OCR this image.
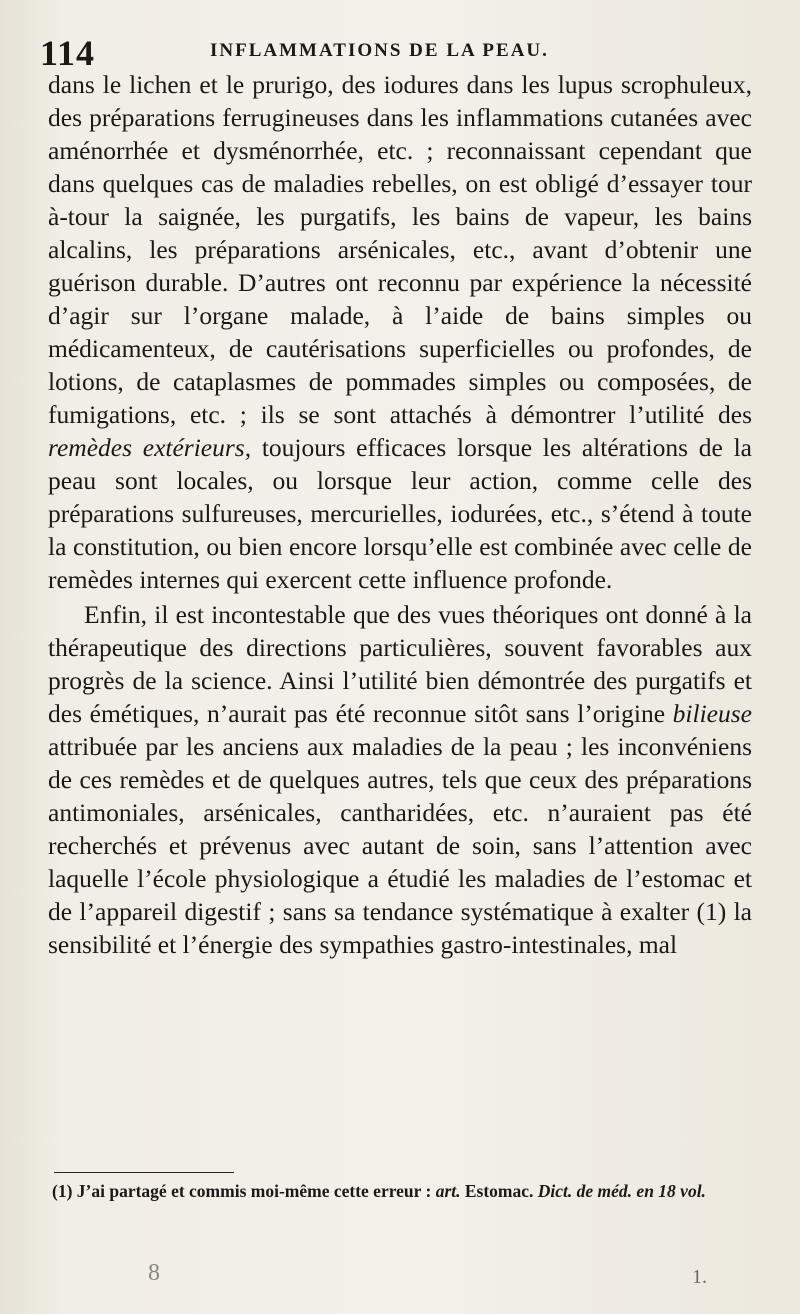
114	INFLAMMATIONS DE LA PEAU.

dans le lichen et le prurigo, des iodures dans les lupus scrophuleux, des préparations ferrugineuses dans les inflammations cutanées avec aménorrhée et dysménorrhée, etc. ; reconnaissant cependant que dans quelques cas de maladies rebelles, on est obligé d’essayer tour à-tour la saignée, les purgatifs, les bains de vapeur, les bains alcalins, les préparations arsénicales, etc., avant d’obtenir une guérison durable. D’autres ont reconnu par expérience la nécessité d’agir sur l’organe malade, à l’aide de bains simples ou médicamenteux, de cautérisations superficielles ou profondes, de lotions, de cataplasmes de pommades simples ou composées, de fumigations, etc. ; ils se sont attachés à démontrer l’utilité des remèdes extérieurs, toujours efficaces lorsque les altérations de la peau sont locales, ou lorsque leur action, comme celle des préparations sulfureuses, mercurielles, iodurées, etc., s’étend à toute la constitution, ou bien encore lorsqu’elle est combinée avec celle de remèdes internes qui exercent cette influence profonde.

Enfin, il est incontestable que des vues théoriques ont donné à la thérapeutique des directions particulières, souvent favorables aux progrès de la science. Ainsi l’utilité bien démontrée des purgatifs et des émétiques, n’aurait pas été reconnue sitôt sans l’origine bilieuse attribuée par les anciens aux maladies de la peau ; les inconvéniens de ces remèdes et de quelques autres, tels que ceux des préparations antimoniales, arsénicales, cantharidées, etc. n’auraient pas été recherchés et prévenus avec autant de soin, sans l’attention avec laquelle l’école physiologique a étudié les maladies de l’estomac et de l’appareil digestif ; sans sa tendance systématique à exalter (1) la sensibilité et l’énergie des sympathies gastro-intestinales, mal

(1) J’ai partagé et commis moi-même cette erreur : art. Estomac. Dict. de méd. en 18 vol.
8	1.
